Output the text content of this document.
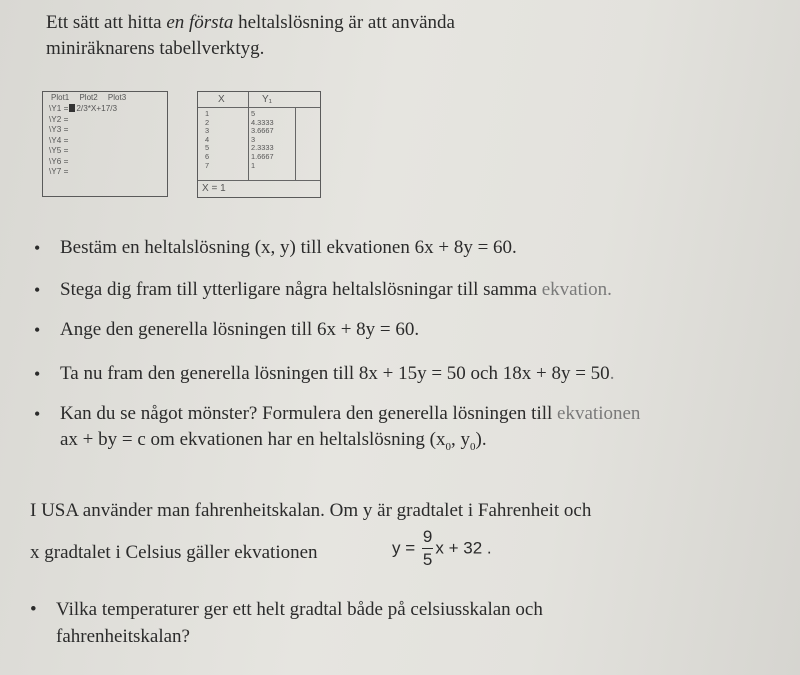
Ett sätt att hitta en första heltalslösning är att använda

miniräknarens tabellverktyg.

Plot1 Plot2 Plot3
\Y1 = 2/3*X+17/3
\Y2 =
\Y3 =
\Y4 =
\Y5 =
\Y6 =
\Y7 =
X	Y₁
1
2
3
4
5
6
7
5
4.3333
3.6667
3
2.3333
1.6667
1
X = 1
• Bestäm en heltalslösning (x, y) till ekvationen 6x + 8y = 60.
• Stega dig fram till ytterligare några heltalslösningar till samma ekvation.
• Ange den generella lösningen till 6x + 8y = 60.
• Ta nu fram den generella lösningen till 8x + 15y = 50 och 18x + 8y = 50.
• Kan du se något mönster? Formulera den generella lösningen till ekvationen
ax + by = c om ekvationen har en heltalslösning ($x_0$, $y_0$).
I USA använder man fahrenheitskalan. Om y är gradtalet i Fahrenheit och
x gradtalet i Celsius gäller ekvationen	$y = \frac{9}{5}$ x + 32 .
• Vilka temperaturer ger ett helt gradtal både på celsiusskalan och
fahrenheitskalan?
